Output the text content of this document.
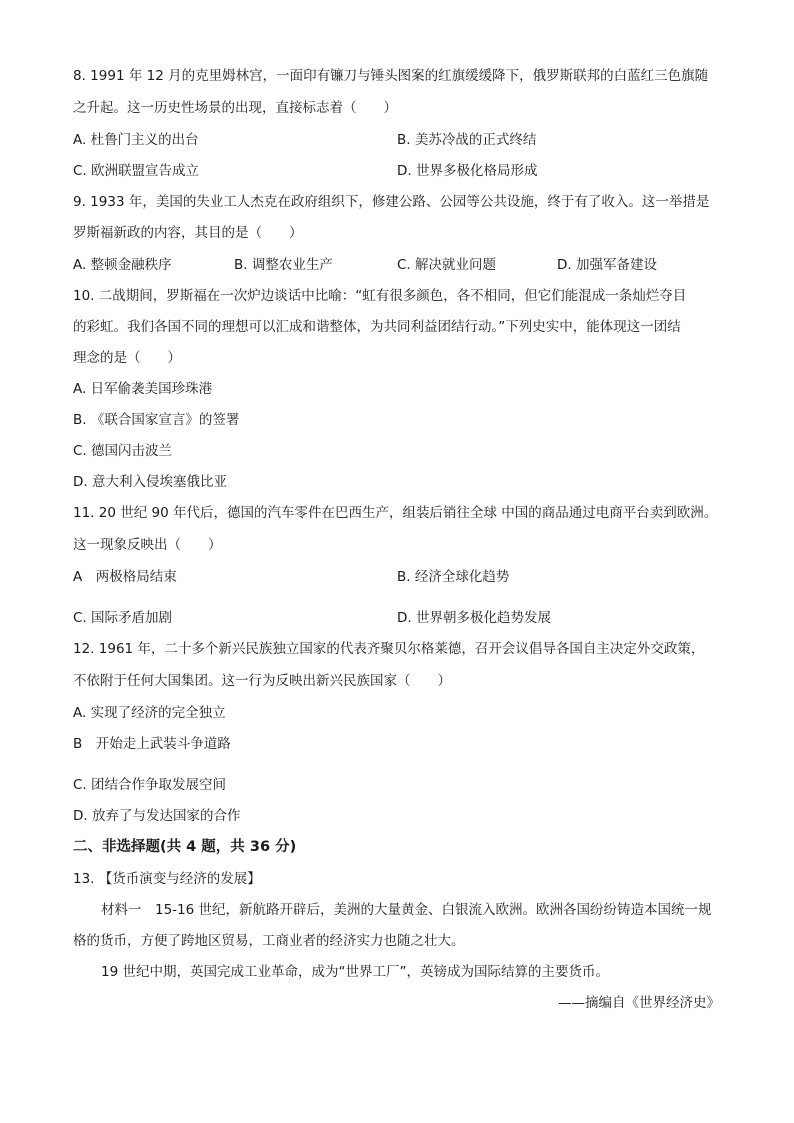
8. 1991 年 12 月的克里姆林宫，一面印有镰刀与锤头图案的红旗缓缓降下，俄罗斯联邦的白蓝红三色旗随
之升起。这一历史性场景的出现，直接标志着（　　）
A. 杜鲁门主义的出台	B. 美苏冷战的正式终结
C. 欧洲联盟宣告成立	D. 世界多极化格局形成
9. 1933 年，美国的失业工人杰克在政府组织下，修建公路、公园等公共设施，终于有了收入。这一举措是
罗斯福新政的内容，其目的是（　　）
A. 整顿金融秩序	B. 调整农业生产	C. 解决就业问题	D. 加强军备建设
10. 二战期间，罗斯福在一次炉边谈话中比喻：“虹有很多颜色，各不相同，但它们能混成一条灿烂夺目
的彩虹。我们各国不同的理想可以汇成和谐整体，为共同利益团结行动。”下列史实中，能体现这一团结
理念的是（　　）
A. 日军偷袭美国珍珠港
B. 《联合国家宣言》的签署
C. 德国闪击波兰
D. 意大利入侵埃塞俄比亚
11. 20 世纪 90 年代后，德国的汽车零件在巴西生产，组装后销往全球 中国的商品通过电商平台卖到欧洲。
这一现象反映出（　　）
A　两极格局结束	B. 经济全球化趋势
C. 国际矛盾加剧	D. 世界朝多极化趋势发展
12. 1961 年，二十多个新兴民族独立国家的代表齐聚贝尔格莱德，召开会议倡导各国自主决定外交政策，
不依附于任何大国集团。这一行为反映出新兴民族国家（　　）
A. 实现了经济的完全独立
B　开始走上武装斗争道路
C. 团结合作争取发展空间
D. 放弃了与发达国家的合作
二、非选择题(共 4 题，共 36 分)
13. 【货币演变与经济的发展】
材料一　15-16 世纪，新航路开辟后，美洲的大量黄金、白银流入欧洲。欧洲各国纷纷铸造本国统一规
格的货币，方便了跨地区贸易，工商业者的经济实力也随之壮大。
19 世纪中期，英国完成工业革命，成为“世界工厂”，英镑成为国际结算的主要货币。
——摘编自《世界经济史》
